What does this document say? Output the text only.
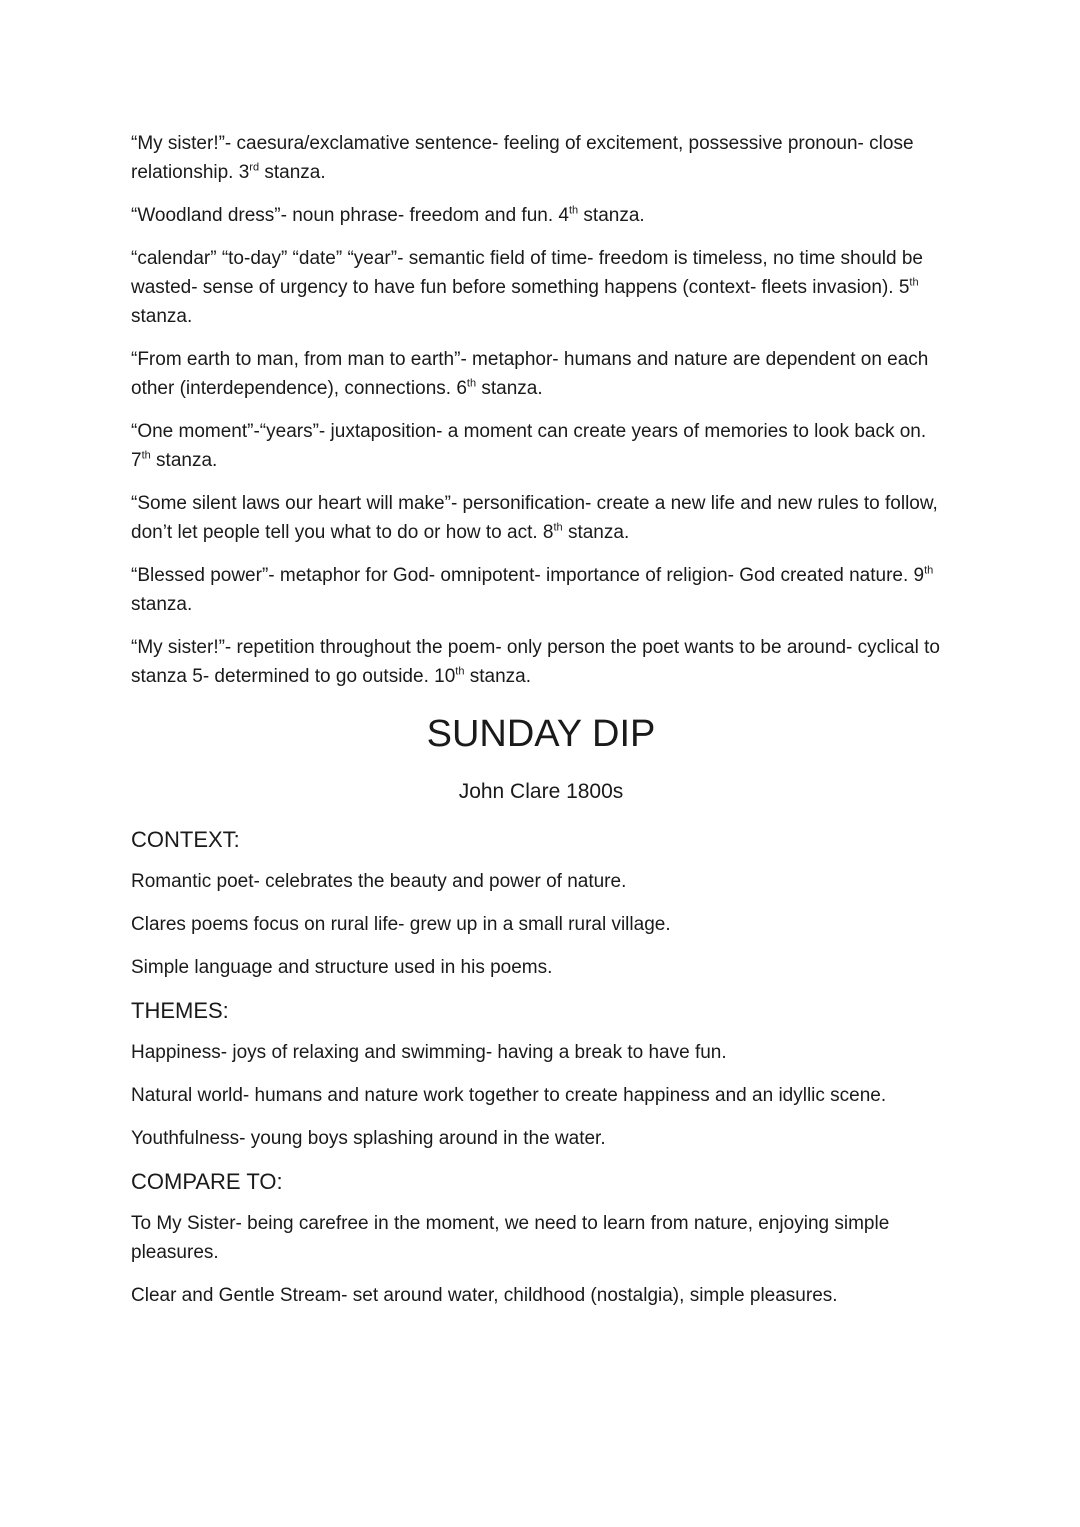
“My sister!”- caesura/exclamative sentence- feeling of excitement, possessive pronoun- close relationship. 3rd stanza.

“Woodland dress”- noun phrase- freedom and fun. 4th stanza.

“calendar” “to-day” “date” “year”- semantic field of time- freedom is timeless, no time should be wasted- sense of urgency to have fun before something happens (context- fleets invasion). 5th stanza.

“From earth to man, from man to earth”- metaphor- humans and nature are dependent on each other (interdependence), connections. 6th stanza.

“One moment”-“years”- juxtaposition- a moment can create years of memories to look back on. 7th stanza.

“Some silent laws our heart will make”- personification- create a new life and new rules to follow, don’t let people tell you what to do or how to act. 8th stanza.

“Blessed power”- metaphor for God- omnipotent- importance of religion- God created nature. 9th stanza.

“My sister!”- repetition throughout the poem- only person the poet wants to be around- cyclical to stanza 5- determined to go outside. 10th stanza.

SUNDAY DIP
John Clare 1800s
CONTEXT:

Romantic poet- celebrates the beauty and power of nature.

Clares poems focus on rural life- grew up in a small rural village.

Simple language and structure used in his poems.

THEMES:

Happiness- joys of relaxing and swimming- having a break to have fun.

Natural world- humans and nature work together to create happiness and an idyllic scene.

Youthfulness- young boys splashing around in the water.

COMPARE TO:

To My Sister- being carefree in the moment, we need to learn from nature, enjoying simple pleasures.

Clear and Gentle Stream- set around water, childhood (nostalgia), simple pleasures.
